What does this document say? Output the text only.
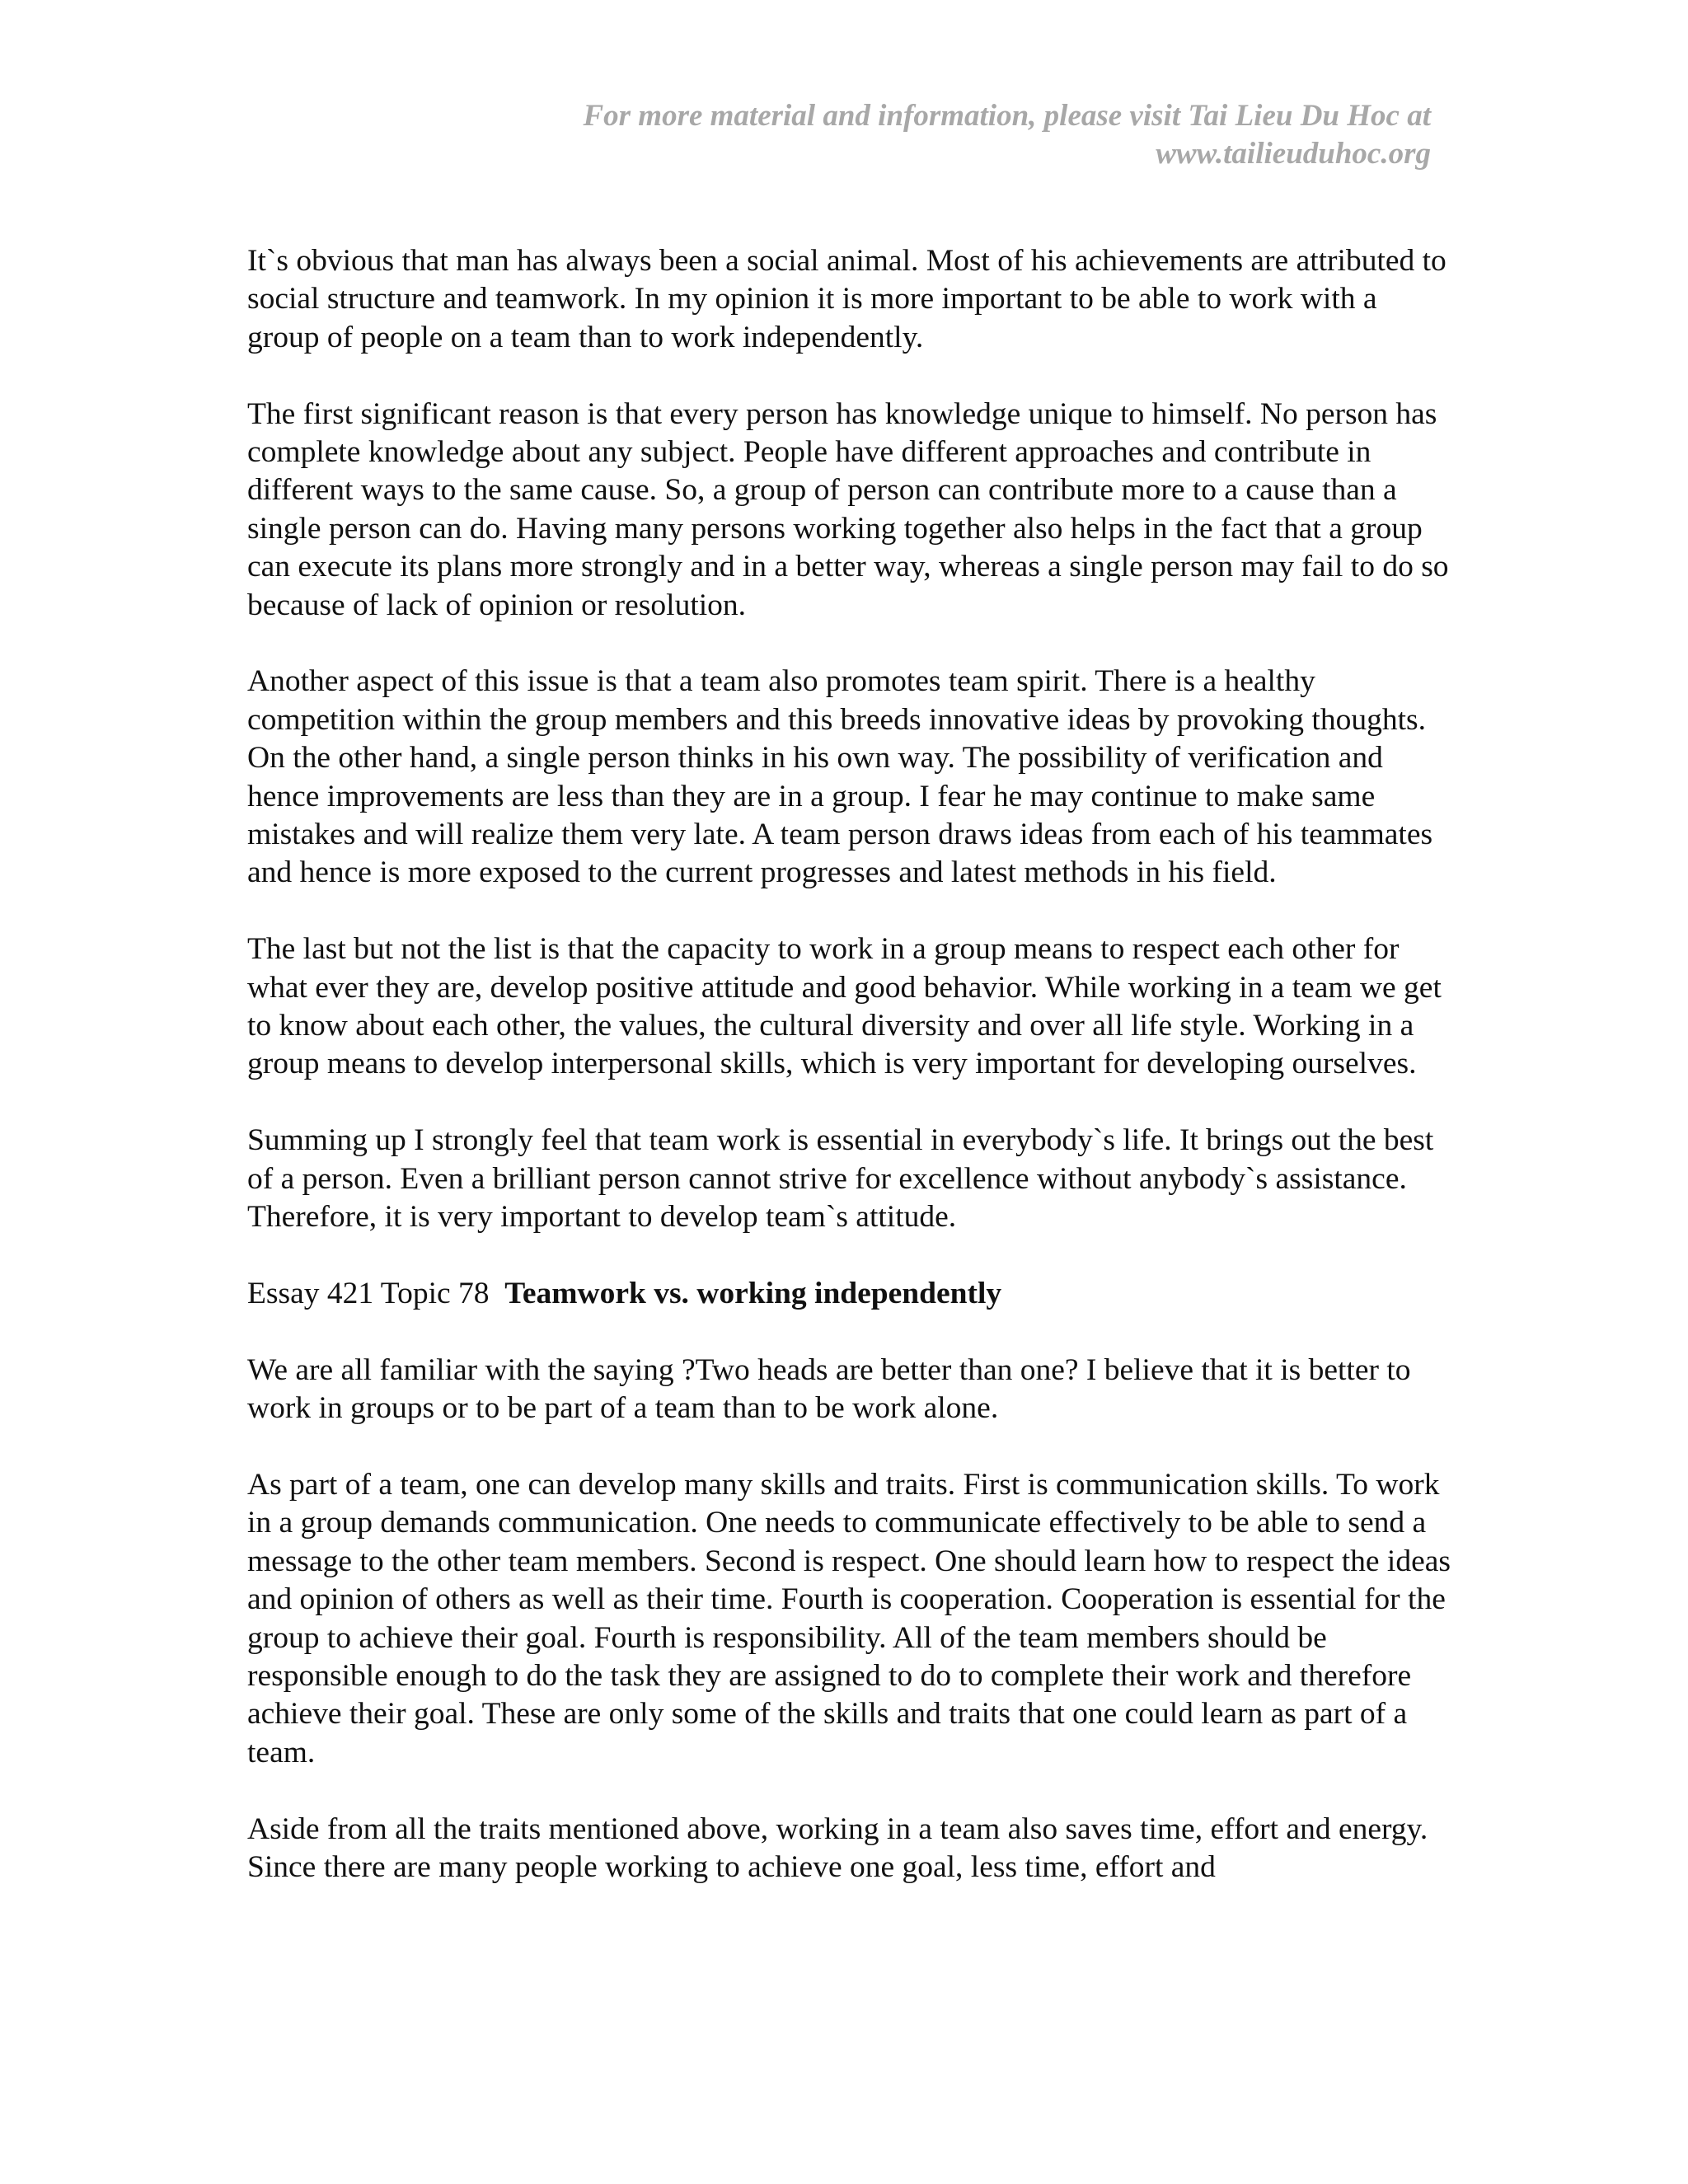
For more material and information, please visit Tai Lieu Du Hoc at
www.tailieuduhoc.org

It`s obvious that man has always been a social animal. Most of his achievements are attributed to social structure and teamwork. In my opinion it is more important to be able to work with a group of people on a team than to work independently.

The first significant reason is that every person has knowledge unique to himself. No person has complete knowledge about any subject. People have different approaches and contribute in different ways to the same cause. So, a group of person can contribute more to a cause than a single person can do. Having many persons working together also helps in the fact that a group can execute its plans more strongly and in a better way, whereas a single person may fail to do so because of lack of opinion or resolution.

Another aspect of this issue is that a team also promotes team spirit. There is a healthy competition within the group members and this breeds innovative ideas by provoking thoughts. On the other hand, a single person thinks in his own way. The possibility of verification and hence improvements are less than they are in a group. I fear he may continue to make same mistakes and will realize them very late. A team person draws ideas from each of his teammates and hence is more exposed to the current progresses and latest methods in his field.

The last but not the list is that the capacity to work in a group means to respect each other for what ever they are, develop positive attitude and good behavior. While working in a team we get to know about each other, the values, the cultural diversity and over all life style. Working in a group means to develop interpersonal skills, which is very important for developing ourselves.

Summing up I strongly feel that team work is essential in everybody`s life. It brings out the best of a person. Even a brilliant person cannot strive for excellence without anybody`s assistance. Therefore, it is very important to develop team`s attitude.

Essay 421 Topic 78 Teamwork vs. working independently

We are all familiar with the saying ?Two heads are better than one? I believe that it is better to work in groups or to be part of a team than to be work alone.

As part of a team, one can develop many skills and traits. First is communication skills. To work in a group demands communication. One needs to communicate effectively to be able to send a message to the other team members. Second is respect. One should learn how to respect the ideas and opinion of others as well as their time. Fourth is cooperation. Cooperation is essential for the group to achieve their goal. Fourth is responsibility. All of the team members should be responsible enough to do the task they are assigned to do to complete their work and therefore achieve their goal. These are only some of the skills and traits that one could learn as part of a team.

Aside from all the traits mentioned above, working in a team also saves time, effort and energy. Since there are many people working to achieve one goal, less time, effort and
